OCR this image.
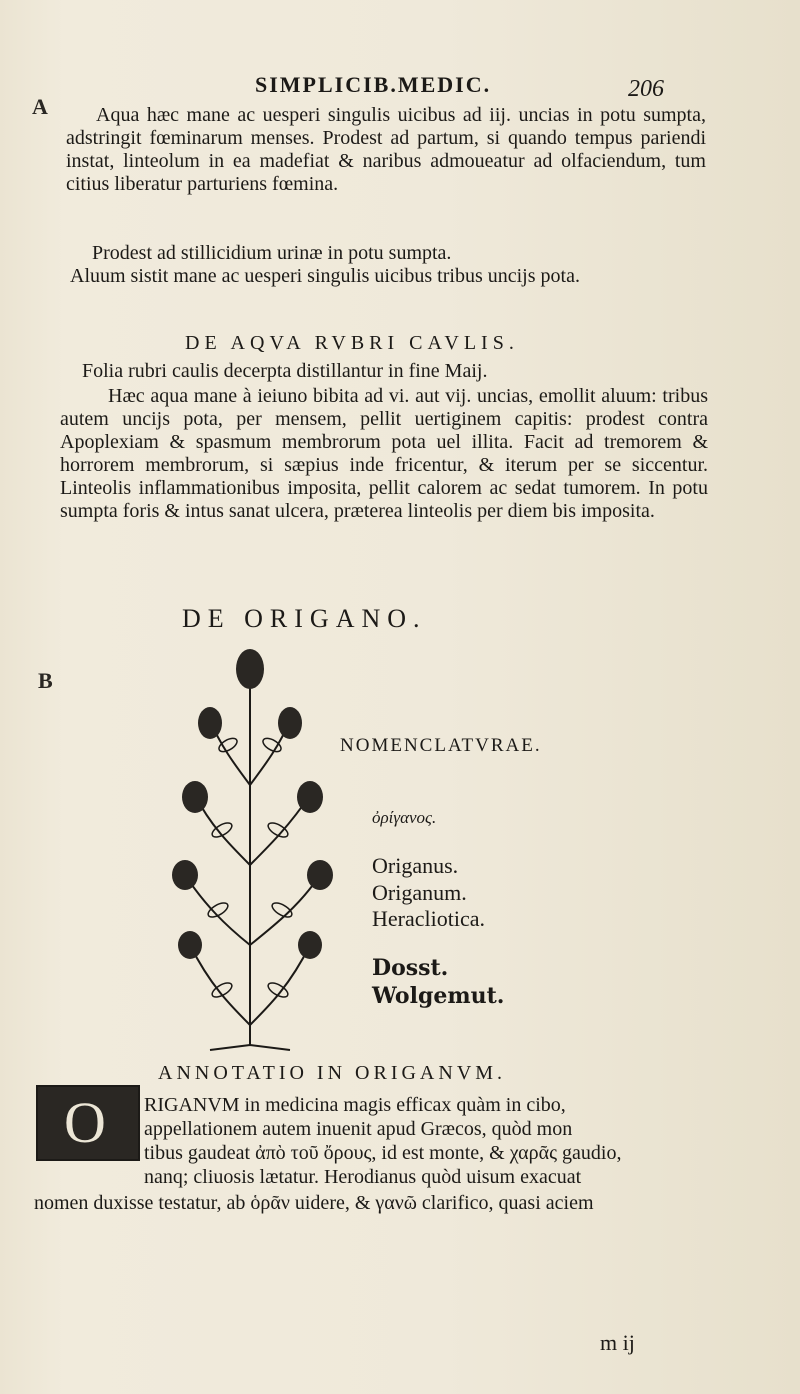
A
B
SIMPLICIB.MEDIC.	206

Aqua hæc mane ac uesperi singulis uicibus ad iij. uncias in potu sumpta, adstringit fœminarum menses. Prodest ad partum, si quando tempus pariendi instat, linteolum in ea madefiat & naribus admoueatur ad olfaciendum, tum citius liberatur parturiens fœmina.

Prodest ad stillicidium urinæ in potu sumpta.
Aluum sistit mane ac uesperi singulis uicibus tribus uncijs pota.
DE AQVA RVBRI CAVLIS.
Folia rubri caulis decerpta distillantur in fine Maij.

Hæc aqua mane à ieiuno bibita ad vi. aut vij. uncias, emollit aluum: tribus autem uncijs pota, per mensem, pellit uertiginem capitis: prodest contra Apoplexiam & spasmum membrorum pota uel illita. Facit ad tremorem & horrorem membrorum, si sæpius inde fricentur, & iterum per se siccentur. Linteolis inflammationibus imposita, pellit calorem ac sedat tumorem. In potu sumpta foris & intus sanat ulcera, præterea linteolis per diem bis imposita.

DE ORIGANO.
NOMENCLATVRAE.
ὀρίγανος.
Origanus.
Origanum.
Heracliotica.
Dosst.
Wolgemut.
ANNOTATIO IN ORIGANVM.
O RIGANVM in medicina magis efficax quàm in cibo,
appellationem autem inuenit apud Græcos, quòd mon
tibus gaudeat ἀπὸ τοῦ ὄρους, id est monte, & χαρᾶς gaudio,
nanq; cliuosis lætatur. Herodianus quòd uisum exacuat
nomen duxisse testatur, ab ὁρᾶν uidere, & γανῶ clarifico, quasi aciem
m ij
